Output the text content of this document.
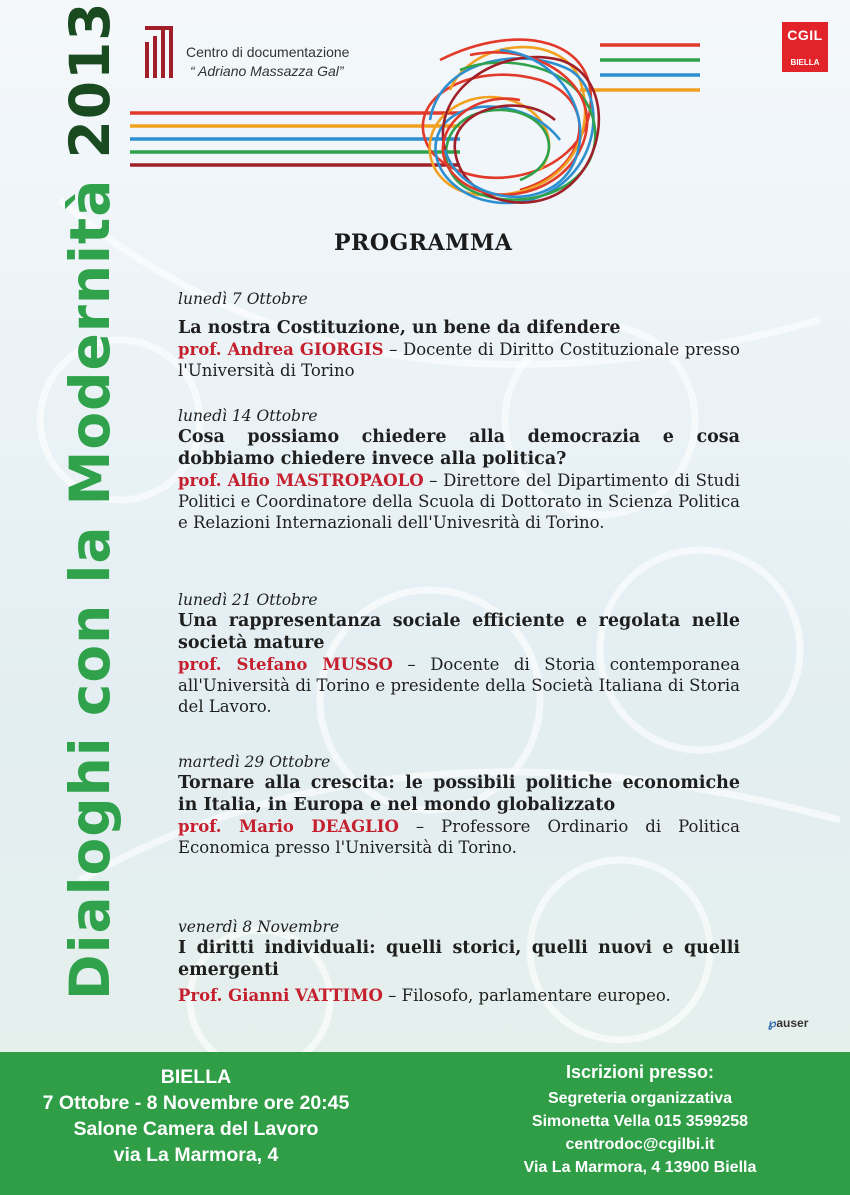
Dialoghi con la Modernità 2013	Centro di documentazione
“ Adriano Massazza Gal”
CGIL
BIELLA
PROGRAMMA
lunedì 7 Ottobre
La nostra Costituzione, un bene da difendere
prof. Andrea GIORGIS – Docente di Diritto Costituzionale presso l'Università di Torino
lunedì 14 Ottobre
Cosa possiamo chiedere alla democrazia e cosa dobbiamo chiedere invece alla politica?
prof. Alfio MASTROPAOLO – Direttore del Dipartimento di Studi Politici e Coordinatore della Scuola di Dottorato in Scienza Politica e Relazioni Internazionali dell'Univesrità di Torino.
lunedì 21 Ottobre
Una rappresentanza sociale efficiente e regolata nelle società mature
prof. Stefano MUSSO – Docente di Storia contemporanea all'Università di Torino e presidente della Società Italiana di Storia del Lavoro.
martedì 29 Ottobre
Tornare alla crescita: le possibili politiche economiche in Italia, in Europa e nel mondo globalizzato
prof. Mario DEAGLIO – Professore Ordinario di Politica Economica presso l'Università di Torino.
venerdì 8 Novembre
I diritti individuali: quelli storici, quelli nuovi e quelli emergenti
Prof. Gianni VATTIMO – Filosofo, parlamentare europeo.
℘auser
BIELLA
7 Ottobre - 8 Novembre ore 20:45
Salone Camera del Lavoro
via La Marmora, 4
Iscrizioni presso:
Segreteria organizzativa
Simonetta Vella 015 3599258
centrodoc@cgilbi.it
Via La Marmora, 4 13900 Biella
